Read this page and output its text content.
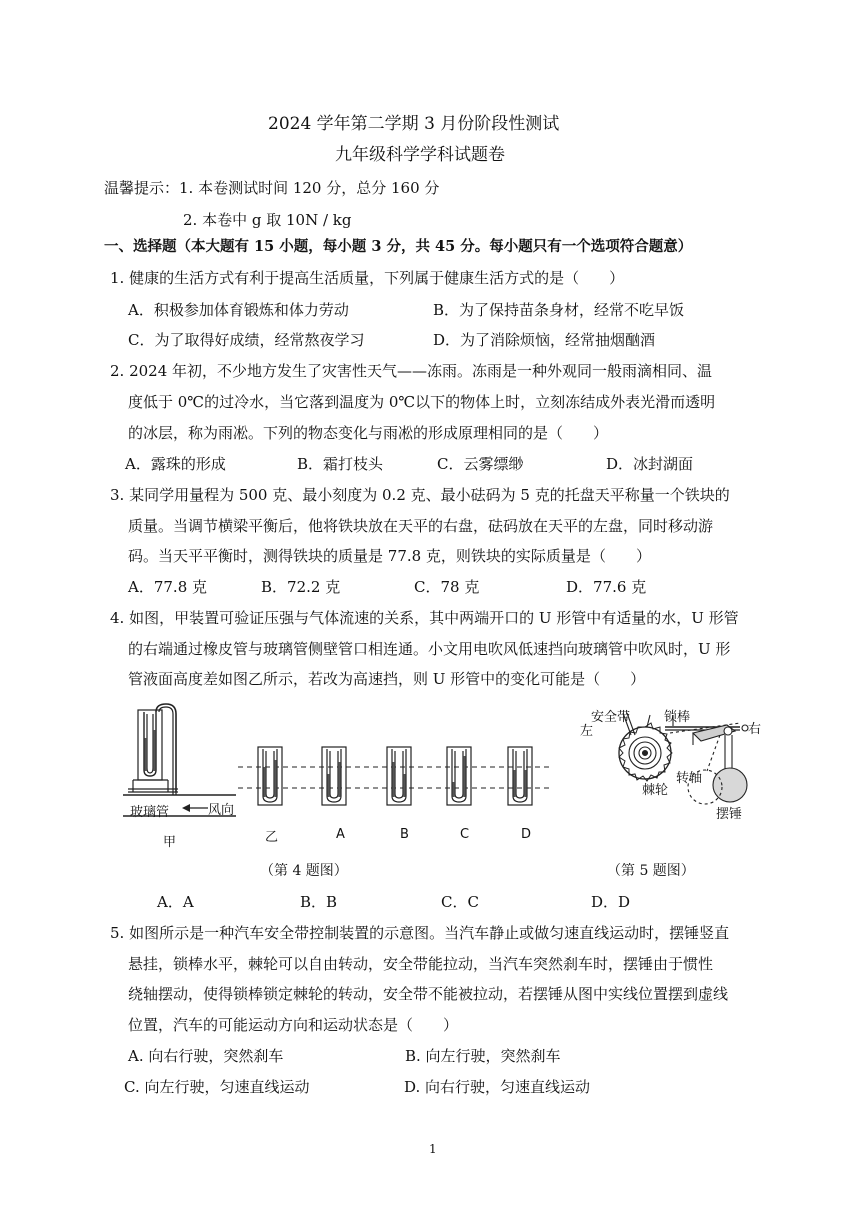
2024 学年第二学期 3 月份阶段性测试
九年级科学学科试题卷
温馨提示：1. 本卷测试时间 120 分，总分 160 分
2. 本卷中 g 取 10N / kg
一、选择题（本大题有 15 小题，每小题 3 分，共 45 分。每小题只有一个选项符合题意）
1. 健康的生活方式有利于提高生活质量，下列属于健康生活方式的是（　　）
A．积极参加体育锻炼和体力劳动	B．为了保持苗条身材，经常不吃早饭
C．为了取得好成绩，经常熬夜学习	D．为了消除烦恼，经常抽烟酗酒
2. 2024 年初，不少地方发生了灾害性天气——冻雨。冻雨是一种外观同一般雨滴相同、温
度低于 0℃的过冷水，当它落到温度为 0℃以下的物体上时，立刻冻结成外表光滑而透明
的冰层，称为雨凇。下列的物态变化与雨凇的形成原理相同的是（　　）
A．露珠的形成	B．霜打枝头	C．云雾缥缈	D．冰封湖面
3. 某同学用量程为 500 克、最小刻度为 0.2 克、最小砝码为 5 克的托盘天平称量一个铁块的
质量。当调节横梁平衡后，他将铁块放在天平的右盘，砝码放在天平的左盘，同时移动游
码。当天平平衡时，测得铁块的质量是 77.8 克，则铁块的实际质量是（　　）
A．77.8 克	B．72.2 克	C．78 克	D．77.6 克
4. 如图，甲装置可验证压强与气体流速的关系，其中两端开口的 U 形管中有适量的水，U 形管
的右端通过橡皮管与玻璃管侧壁管口相连通。小文用电吹风低速挡向玻璃管中吹风时，U 形
管液面高度差如图乙所示，若改为高速挡，则 U 形管中的变化可能是（　　）
玻璃管	风向
甲	乙	A	B	C	D
（第 4 题图）
安全带	锁棒
左	右
转轴
棘轮
摆锤
（第 5 题图）
A．A	B．B	C．C	D．D
5. 如图所示是一种汽车安全带控制装置的示意图。当汽车静止或做匀速直线运动时，摆锤竖直
悬挂，锁棒水平，棘轮可以自由转动，安全带能拉动，当汽车突然刹车时，摆锤由于惯性
绕轴摆动，使得锁棒锁定棘轮的转动，安全带不能被拉动，若摆锤从图中实线位置摆到虚线
位置，汽车的可能运动方向和运动状态是（　　）
A. 向右行驶，突然刹车	B. 向左行驶，突然刹车
C. 向左行驶，匀速直线运动	D. 向右行驶，匀速直线运动
1
